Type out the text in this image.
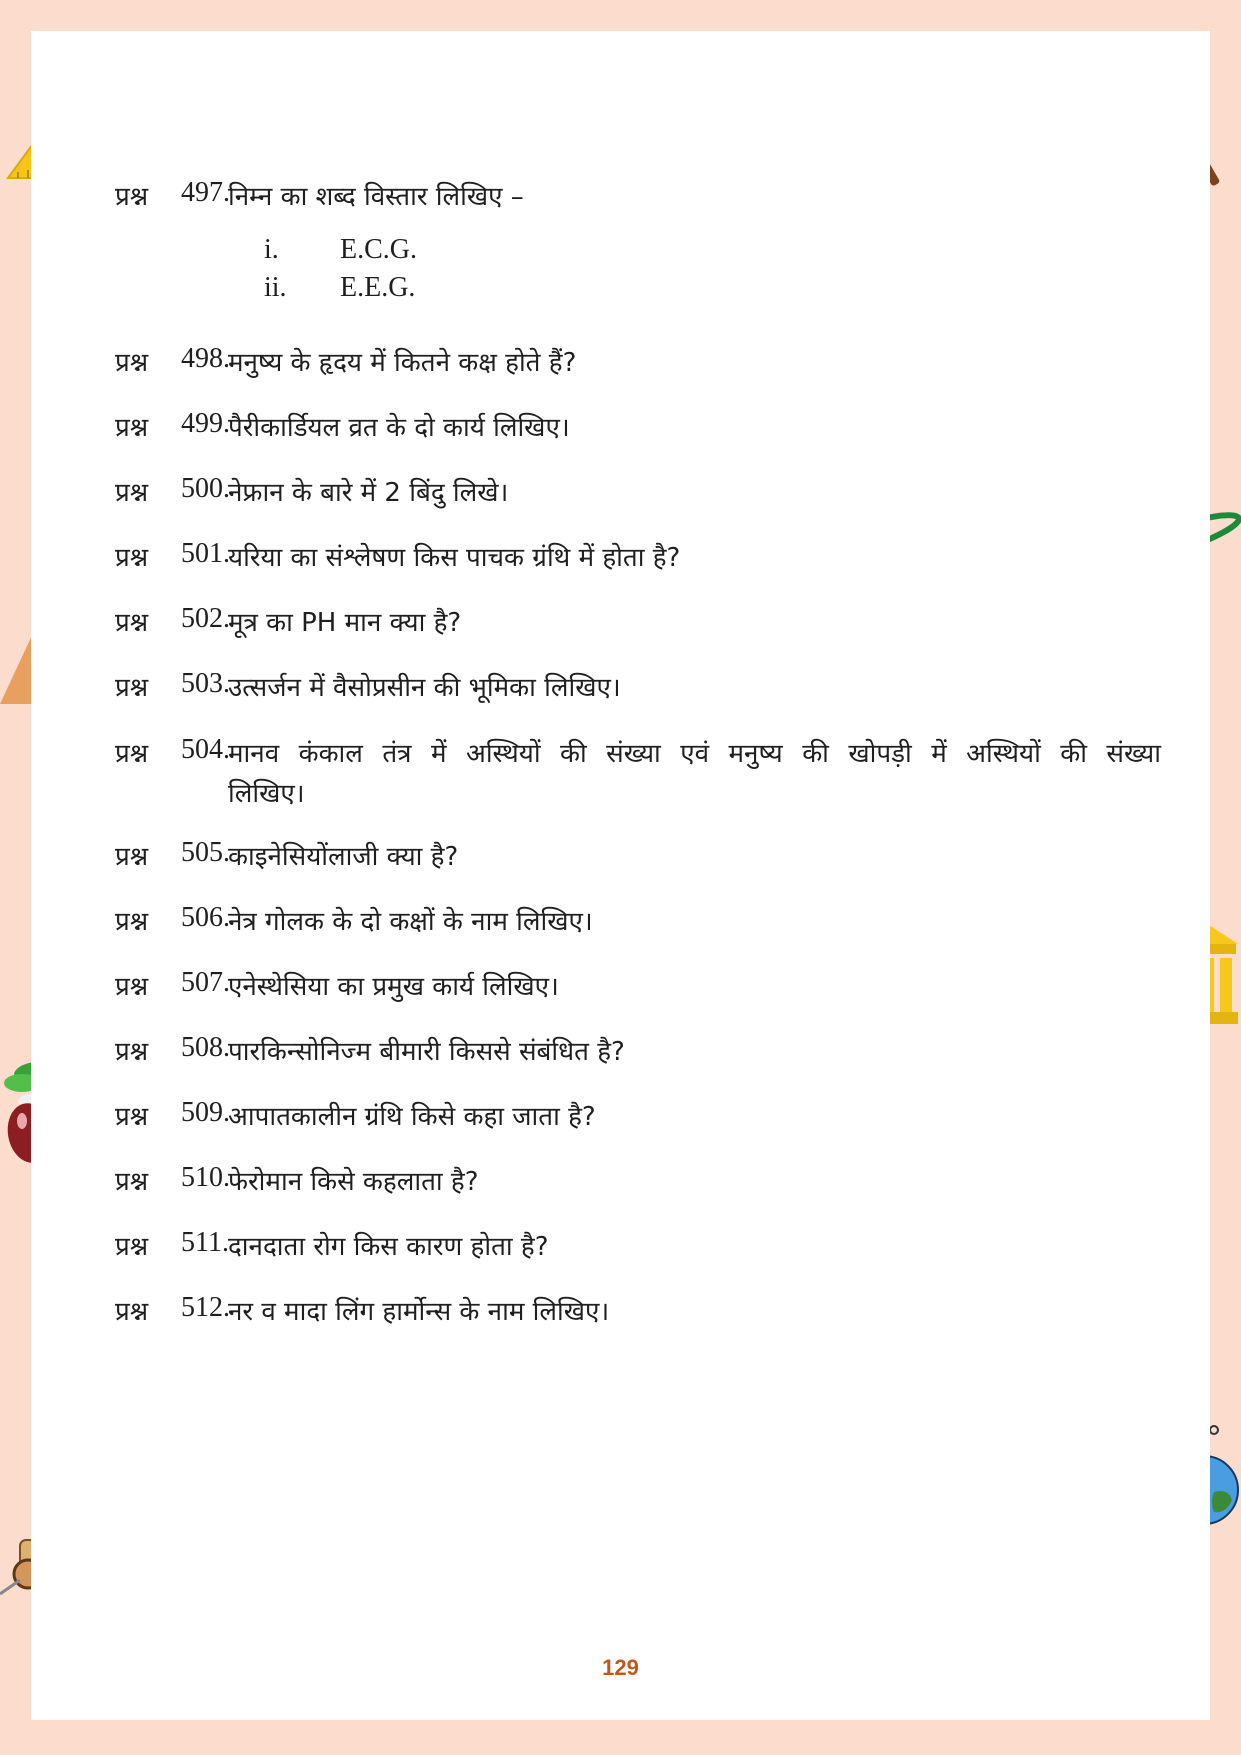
प्रश्न 497.
निम्न का शब्द विस्तार लिखिए –
i. E.C.G.
ii. E.E.G.
प्रश्न 498.
मनुष्य के हृदय में कितने कक्ष होते हैं?
प्रश्न 499.
पैरीकार्डियल व्रत के दो कार्य लिखिए।
प्रश्न 500.
नेफ्रान के बारे में 2 बिंदु लिखे।
प्रश्न 501.
यरिया का संश्लेषण किस पाचक ग्रंथि में होता है?
प्रश्न 502.
मूत्र का PH मान क्या है?
प्रश्न 503.
उत्सर्जन में वैसोप्रसीन की भूमिका लिखिए।
प्रश्न 504.
मानव कंकाल तंत्र में अस्थियों की संख्या एवं मनुष्य की खोपड़ी में अस्थियों की संख्या
लिखिए।
प्रश्न 505.
काइनेसियोंलाजी क्या है?
प्रश्न 506.
नेत्र गोलक के दो कक्षों के नाम लिखिए।
प्रश्न 507.
एनेस्थेसिया का प्रमुख कार्य लिखिए।
प्रश्न 508.
पारकिन्सोनिज्म बीमारी किससे संबंधित है?
प्रश्न 509.
आपातकालीन ग्रंथि किसे कहा जाता है?
प्रश्न 510.
फेरोमान किसे कहलाता है?
प्रश्न 511. दानदाता रोग किस कारण होता है?
प्रश्न 512.
नर व मादा लिंग हार्मोन्स के नाम लिखिए।
129
